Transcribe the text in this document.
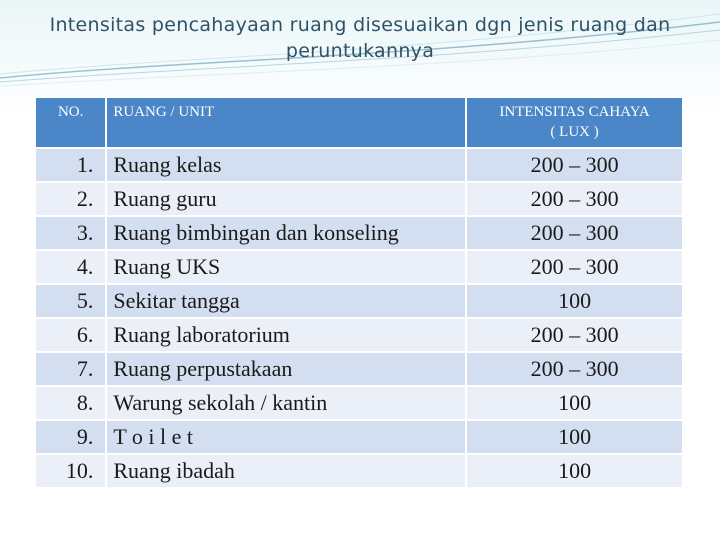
Intensitas pencahayaan ruang disesuaikan dgn jenis ruang dan peruntukannya
NO.	RUANG / UNIT	INTENSITAS CAHAYA
( LUX )
1.	Ruang kelas	200 – 300
2.	Ruang guru	200 – 300
3.	Ruang bimbingan dan konseling	200 – 300
4.	Ruang UKS	200 – 300
5.	Sekitar tangga	100
6.	Ruang laboratorium	200 – 300
7.	Ruang perpustakaan	200 – 300
8.	Warung sekolah / kantin	100
9.	T o i l e t	100
10.	Ruang ibadah	100
